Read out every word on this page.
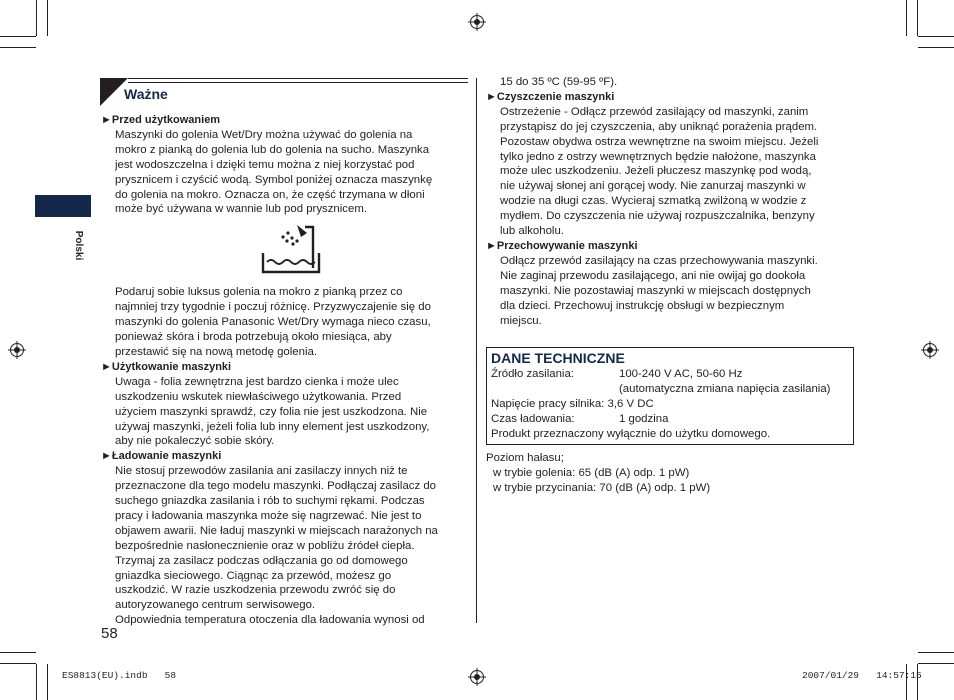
Polski
Ważne
►Przed użytkowaniem
Maszynki do golenia Wet/Dry można używać do golenia na
mokro z pianką do golenia lub do golenia na sucho. Maszynka
jest wodoszczelna i dzięki temu można z niej korzystać pod
prysznicem i czyścić wodą. Symbol poniżej oznacza maszynkę
do golenia na mokro. Oznacza on, że część trzymana w dłoni
może być używana w wannie lub pod prysznicem.
Podaruj sobie luksus golenia na mokro z pianką przez co
najmniej trzy tygodnie i poczuj różnicę. Przyzwyczajenie się do
maszynki do golenia Panasonic Wet/Dry wymaga nieco czasu,
ponieważ skóra i broda potrzebują około miesiąca, aby
przestawić się na nową metodę golenia.
►Użytkowanie maszynki
Uwaga - folia zewnętrzna jest bardzo cienka i może ulec
uszkodzeniu wskutek niewłaściwego użytkowania. Przed
użyciem maszynki sprawdź, czy folia nie jest uszkodzona. Nie
używaj maszynki, jeżeli folia lub inny element jest uszkodzony,
aby nie pokaleczyć sobie skóry.
►Ładowanie maszynki
Nie stosuj przewodów zasilania ani zasilaczy innych niż te
przeznaczone dla tego modelu maszynki. Podłączaj zasilacz do
suchego gniazdka zasilania i rób to suchymi rękami. Podczas
pracy i ładowania maszynka może się nagrzewać. Nie jest to
objawem awarii. Nie ładuj maszynki w miejscach narażonych na
bezpośrednie nasłonecznienie oraz w pobliżu źródeł ciepła.
Trzymaj za zasilacz podczas odłączania go od domowego
gniazdka sieciowego. Ciągnąc za przewód, możesz go
uszkodzić. W razie uszkodzenia przewodu zwróć się do
autoryzowanego centrum serwisowego.
Odpowiednia temperatura otoczenia dla ładowania wynosi od
15 do 35 ºC (59-95 ºF).
►Czyszczenie maszynki
Ostrzeżenie - Odłącz przewód zasilający od maszynki, zanim
przystąpisz do jej czyszczenia, aby uniknąć porażenia prądem.
Pozostaw obydwa ostrza wewnętrzne na swoim miejscu. Jeżeli
tylko jedno z ostrzy wewnętrznych będzie nałożone, maszynka
może ulec uszkodzeniu. Jeżeli płuczesz maszynkę pod wodą,
nie używaj słonej ani gorącej wody. Nie zanurzaj maszynki w
wodzie na długi czas. Wycieraj szmatką zwilżoną w wodzie z
mydłem. Do czyszczenia nie używaj rozpuszczalnika, benzyny
lub alkoholu.
►Przechowywanie maszynki
Odłącz przewód zasilający na czas przechowywania maszynki.
Nie zaginaj przewodu zasilającego, ani nie owijaj go dookoła
maszynki. Nie pozostawiaj maszynki w miejscach dostępnych
dla dzieci. Przechowuj instrukcję obsługi w bezpiecznym
miejscu.
DANE TECHNICZNE
Źródło zasilania:	100-240 V AC, 50-60 Hz
(automatyczna zmiana napięcia zasilania)
Napięcie pracy silnika: 3,6 V DC
Czas ładowania:	1 godzina
Produkt przeznaczony wyłącznie do użytku domowego.
Poziom hałasu;
w trybie golenia: 65 (dB (A) odp. 1 pW)
w trybie przycinania: 70 (dB (A) odp. 1 pW)
58
ES8813(EU).indb   58	2007/01/29   14:57:15
